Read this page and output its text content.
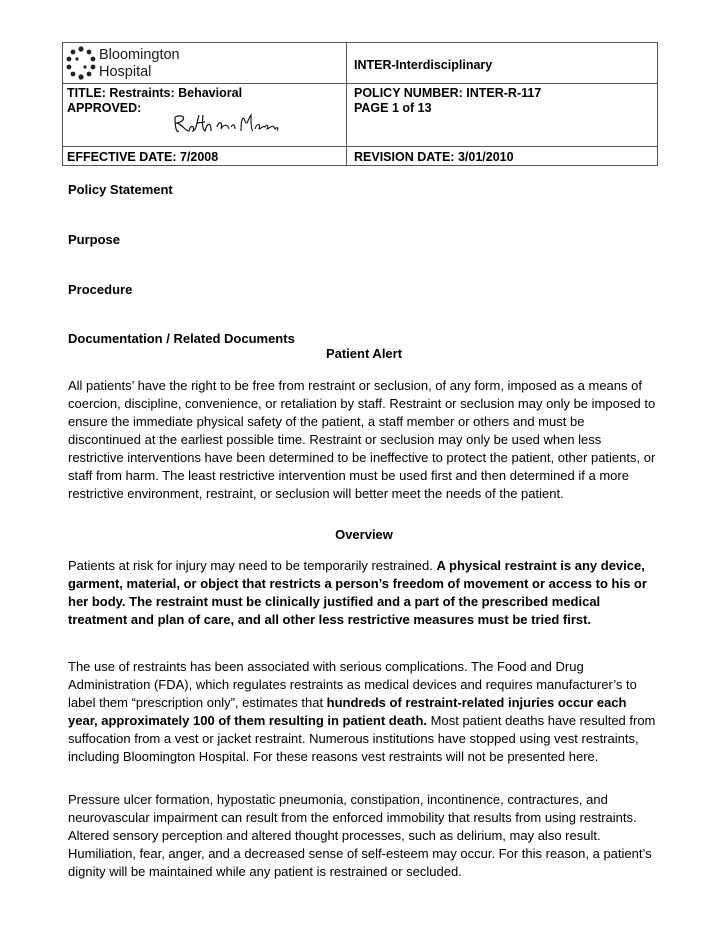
Bloomington
Hospital	INTER-Interdisciplinary
TITLE: Restraints: Behavioral	POLICY NUMBER: INTER-R-117
APPROVED:	PAGE 1 of 13
EFFECTIVE DATE: 7/2008	REVISION DATE: 3/01/2010
Policy Statement
Purpose
Procedure
Documentation / Related Documents
Patient Alert
All patients’ have the right to be free from restraint or seclusion, of any form, imposed as a means of coercion, discipline, convenience, or retaliation by staff. Restraint or seclusion may only be imposed to ensure the immediate physical safety of the patient, a staff member or others and must be discontinued at the earliest possible time. Restraint or seclusion may only be used when less restrictive interventions have been determined to be ineffective to protect the patient, other patients, or staff from harm. The least restrictive intervention must be used first and then determined if a more restrictive environment, restraint, or seclusion will better meet the needs of the patient.
Overview
Patients at risk for injury may need to be temporarily restrained. A physical restraint is any device, garment, material, or object that restricts a person’s freedom of movement or access to his or her body. The restraint must be clinically justified and a part of the prescribed medical treatment and plan of care, and all other less restrictive measures must be tried first.
The use of restraints has been associated with serious complications. The Food and Drug Administration (FDA), which regulates restraints as medical devices and requires manufacturer’s to label them “prescription only”, estimates that hundreds of restraint-related injuries occur each year, approximately 100 of them resulting in patient death. Most patient deaths have resulted from suffocation from a vest or jacket restraint. Numerous institutions have stopped using vest restraints, including Bloomington Hospital. For these reasons vest restraints will not be presented here.
Pressure ulcer formation, hypostatic pneumonia, constipation, incontinence, contractures, and neurovascular impairment can result from the enforced immobility that results from using restraints. Altered sensory perception and altered thought processes, such as delirium, may also result. Humiliation, fear, anger, and a decreased sense of self-esteem may occur. For this reason, a patient’s dignity will be maintained while any patient is restrained or secluded.
